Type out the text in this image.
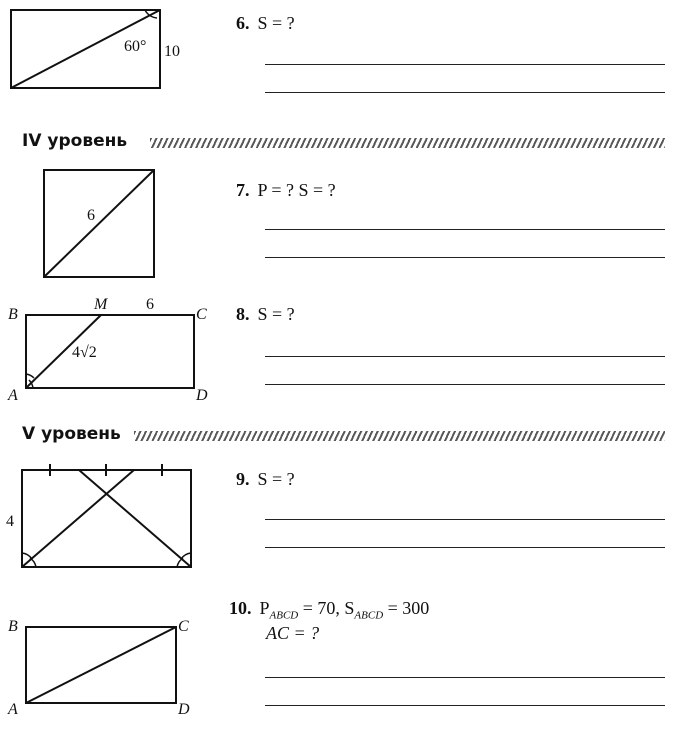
60° 10
6
B
M 6
C
4√2
A	D
4
B	C
A	D
IV уровень
V уровень
6. S = ?
7. P = ? S = ?
8. S = ?
9. S = ?
10. $P_{ABCD} = 70$, $S_{ABCD} = 300$
AC = ?
